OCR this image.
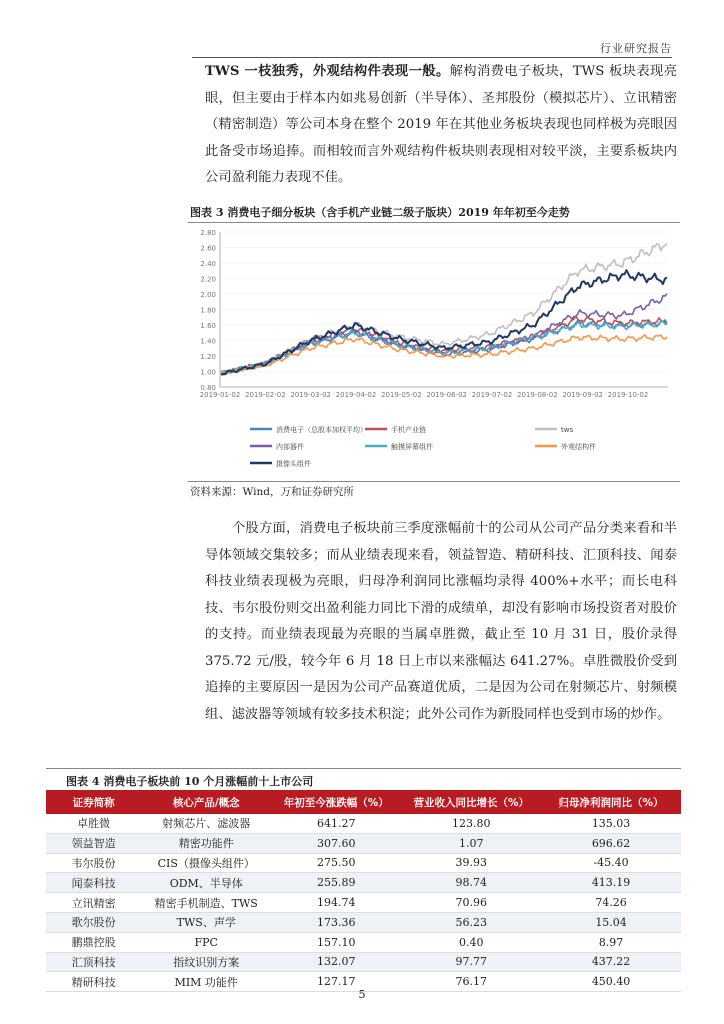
行业研究报告

TWS 一枝独秀，外观结构件表现一般。解构消费电子板块，TWS 板块表现亮眼，但主要由于样本内如兆易创新（半导体）、圣邦股份（模拟芯片）、立讯精密（精密制造）等公司本身在整个 2019 年在其他业务板块表现也同样极为亮眼因此备受市场追捧。而相较而言外观结构件板块则表现相对较平淡，主要系板块内公司盈利能力表现不佳。

图表 3 消费电子细分板块（含手机产业链二级子版块）2019 年年初至今走势
0.80
1.00
1.20
1.40
1.60
1.80
2.00
2.20
2.40
2.60
2.80
2019-01-02 2019-02-02 2019-03-02 2019-04-02 2019-05-02 2019-06-02 2019-07-02 2019-08-02 2019-09-02 2019-10-02
消费电子（总股本加权平均）	手机产业链	tws
内部器件	触摸屏幕组件	外观结构件
摄像头组件
资料来源：Wind，万和证券研究所

个股方面，消费电子板块前三季度涨幅前十的公司从公司产品分类来看和半导体领域交集较多；而从业绩表现来看，领益智造、精研科技、汇顶科技、闻泰科技业绩表现极为亮眼，归母净利润同比涨幅均录得 400%+水平；而长电科技、韦尔股份则交出盈利能力同比下滑的成绩单，却没有影响市场投资者对股价的支持。而业绩表现最为亮眼的当属卓胜微，截止至 10 月 31 日，股价录得 375.72 元/股，较今年 6 月 18 日上市以来涨幅达 641.27%。卓胜微股价受到追捧的主要原因一是因为公司产品赛道优质，二是因为公司在射频芯片、射频模组、滤波器等领域有较多技术积淀；此外公司作为新股同样也受到市场的炒作。

图表 4 消费电子板块前 10 个月涨幅前十上市公司
证券简称	核心产品/概念	年初至今涨跌幅（%）	营业收入同比增长（%）	归母净利润同比（%）
卓胜微	射频芯片、滤波器	641.27	123.80	135.03
领益智造	精密功能件	307.60	1.07	696.62
韦尔股份	CIS（摄像头组件）	275.50	39.93	-45.40
闻泰科技	ODM、半导体	255.89	98.74	413.19
立讯精密	精密手机制造、TWS	194.74	70.96	74.26
歌尔股份	TWS、声学	173.36	56.23	15.04
鹏鼎控股	FPC	157.10	0.40	8.97
汇顶科技	指纹识别方案	132.07	97.77	437.22
精研科技	MIM 功能件	127.17	76.17	450.40
5
